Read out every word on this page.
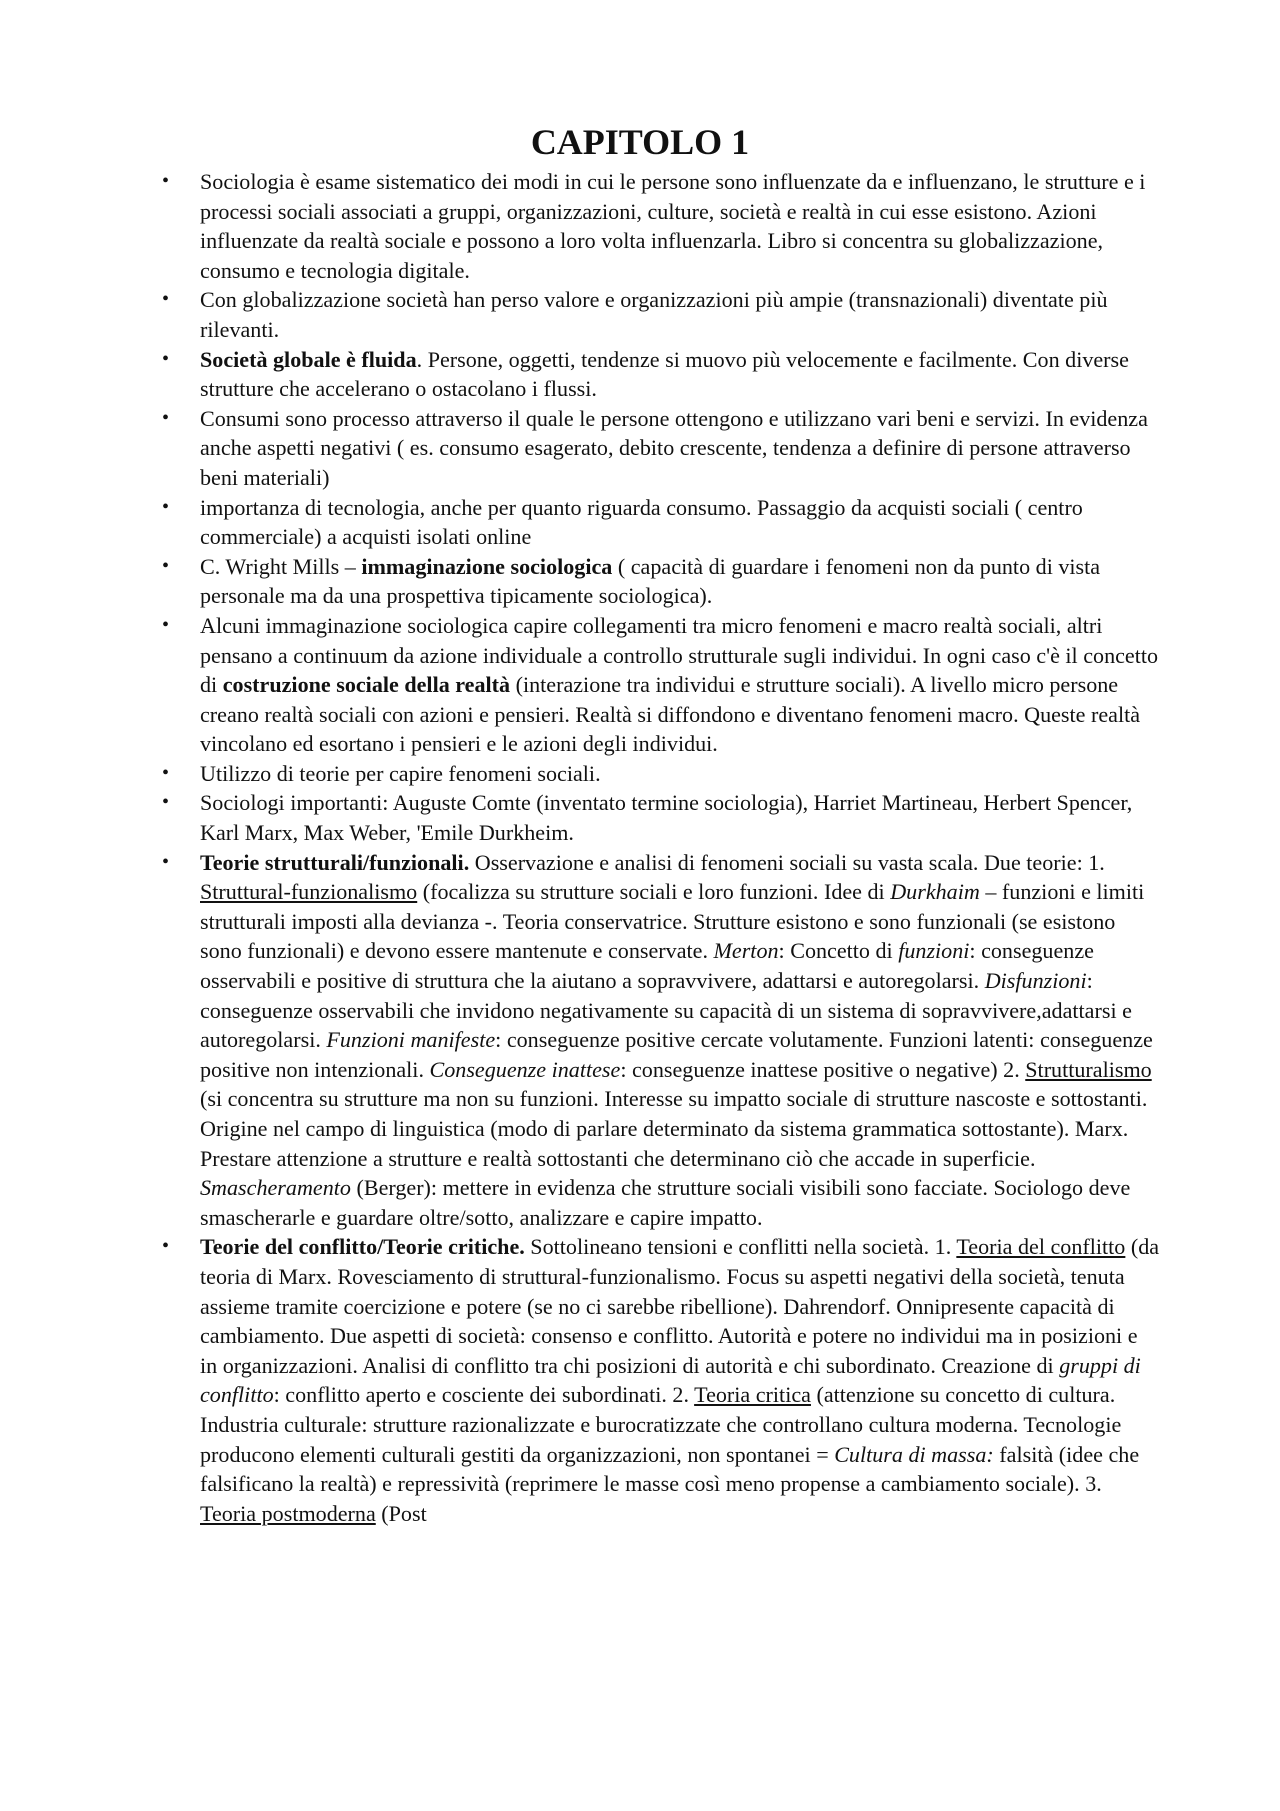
CAPITOLO 1
• Sociologia è esame sistematico dei modi in cui le persone sono influenzate da e influenzano, le strutture e i processi sociali associati a gruppi, organizzazioni, culture, società e realtà in cui esse esistono. Azioni influenzate da realtà sociale e possono a loro volta influenzarla. Libro si concentra su globalizzazione, consumo e tecnologia digitale.
• Con globalizzazione società han perso valore e organizzazioni più ampie (transnazionali) diventate più rilevanti.
• Società globale è fluida. Persone, oggetti, tendenze si muovo più velocemente e facilmente. Con diverse strutture che accelerano o ostacolano i flussi.
• Consumi sono processo attraverso il quale le persone ottengono e utilizzano vari beni e servizi. In evidenza anche aspetti negativi ( es. consumo esagerato, debito crescente, tendenza a definire di persone attraverso beni materiali)
• importanza di tecnologia, anche per quanto riguarda consumo. Passaggio da acquisti sociali ( centro commerciale) a acquisti isolati online
• C. Wright Mills – immaginazione sociologica ( capacità di guardare i fenomeni non da punto di vista personale ma da una prospettiva tipicamente sociologica).
• Alcuni immaginazione sociologica capire collegamenti tra micro fenomeni e macro realtà sociali, altri pensano a continuum da azione individuale a controllo strutturale sugli individui. In ogni caso c'è il concetto di costruzione sociale della realtà (interazione tra individui e strutture sociali). A livello micro persone creano realtà sociali con azioni e pensieri. Realtà si diffondono e diventano fenomeni macro. Queste realtà vincolano ed esortano i pensieri e le azioni degli individui.
• Utilizzo di teorie per capire fenomeni sociali.
• Sociologi importanti: Auguste Comte (inventato termine sociologia), Harriet Martineau, Herbert Spencer, Karl Marx, Max Weber, 'Emile Durkheim.
• Teorie strutturali/funzionali. Osservazione e analisi di fenomeni sociali su vasta scala. Due teorie: 1. Struttural-funzionalismo (focalizza su strutture sociali e loro funzioni. Idee di Durkhaim – funzioni e limiti strutturali imposti alla devianza -. Teoria conservatrice. Strutture esistono e sono funzionali (se esistono sono funzionali) e devono essere mantenute e conservate. Merton: Concetto di funzioni: conseguenze osservabili e positive di struttura che la aiutano a sopravvivere, adattarsi e autoregolarsi. Disfunzioni: conseguenze osservabili che invidono negativamente su capacità di un sistema di sopravvivere,adattarsi e autoregolarsi. Funzioni manifeste: conseguenze positive cercate volutamente. Funzioni latenti: conseguenze positive non intenzionali. Conseguenze inattese: conseguenze inattese positive o negative) 2. Strutturalismo (si concentra su strutture ma non su funzioni. Interesse su impatto sociale di strutture nascoste e sottostanti. Origine nel campo di linguistica (modo di parlare determinato da sistema grammatica sottostante). Marx. Prestare attenzione a strutture e realtà sottostanti che determinano ciò che accade in superficie. Smascheramento (Berger): mettere in evidenza che strutture sociali visibili sono facciate. Sociologo deve smascherarle e guardare oltre/sotto, analizzare e capire impatto.
• Teorie del conflitto/Teorie critiche. Sottolineano tensioni e conflitti nella società. 1. Teoria del conflitto (da teoria di Marx. Rovesciamento di struttural-funzionalismo. Focus su aspetti negativi della società, tenuta assieme tramite coercizione e potere (se no ci sarebbe ribellione). Dahrendorf. Onnipresente capacità di cambiamento. Due aspetti di società: consenso e conflitto. Autorità e potere no individui ma in posizioni e in organizzazioni. Analisi di conflitto tra chi posizioni di autorità e chi subordinato. Creazione di gruppi di conflitto: conflitto aperto e cosciente dei subordinati. 2. Teoria critica (attenzione su concetto di cultura. Industria culturale: strutture razionalizzate e burocratizzate che controllano cultura moderna. Tecnologie producono elementi culturali gestiti da organizzazioni, non spontanei = Cultura di massa: falsità (idee che falsificano la realtà) e repressività (reprimere le masse così meno propense a cambiamento sociale). 3. Teoria postmoderna (Post
